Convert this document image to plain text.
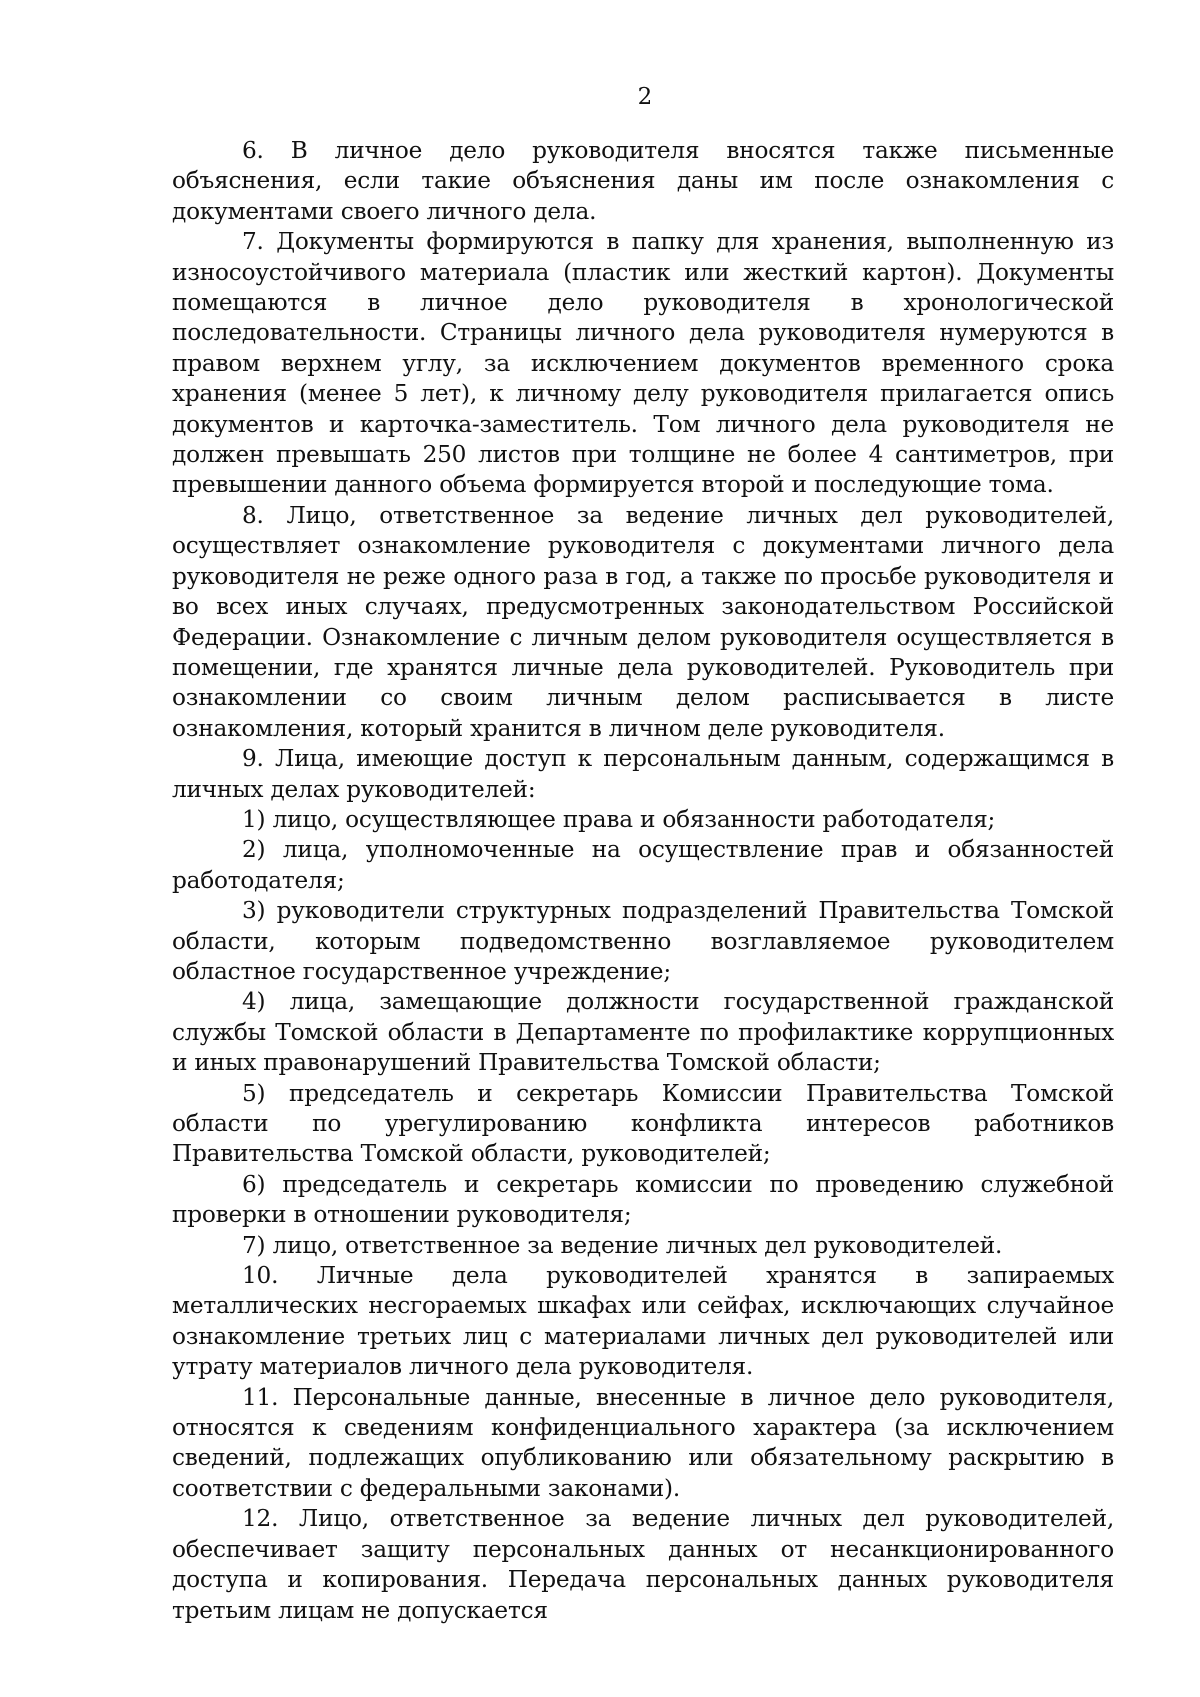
2

6. В личное дело руководителя вносятся также письменные объяснения, если такие объяснения даны им после ознакомления с документами своего личного дела.

7. Документы формируются в папку для хранения, выполненную из износоустойчивого материала (пластик или жесткий картон). Документы помещаются в личное дело руководителя в хронологической последовательности. Страницы личного дела руководителя нумеруются в правом верхнем углу, за исключением документов временного срока хранения (менее 5 лет), к личному делу руководителя прилагается опись документов и карточка-заместитель. Том личного дела руководителя не должен превышать 250 листов при толщине не более 4 сантиметров, при превышении данного объема формируется второй и последующие тома.

8. Лицо, ответственное за ведение личных дел руководителей, осуществляет ознакомление руководителя с документами личного дела руководителя не реже одного раза в год, а также по просьбе руководителя и во всех иных случаях, предусмотренных законодательством Российской Федерации. Ознакомление с личным делом руководителя осуществляется в помещении, где хранятся личные дела руководителей. Руководитель при ознакомлении со своим личным делом расписывается в листе ознакомления, который хранится в личном деле руководителя.

9. Лица, имеющие доступ к персональным данным, содержащимся в личных делах руководителей:

1) лицо, осуществляющее права и обязанности работодателя;

2) лица, уполномоченные на осуществление прав и обязанностей работодателя;

3) руководители структурных подразделений Правительства Томской области, которым подведомственно возглавляемое руководителем областное государственное учреждение;

4) лица, замещающие должности государственной гражданской службы Томской области в Департаменте по профилактике коррупционных и иных правонарушений Правительства Томской области;

5) председатель и секретарь Комиссии Правительства Томской области по урегулированию конфликта интересов работников Правительства Томской области, руководителей;

6) председатель и секретарь комиссии по проведению служебной проверки в отношении руководителя;

7) лицо, ответственное за ведение личных дел руководителей.

10. Личные дела руководителей хранятся в запираемых металлических несгораемых шкафах или сейфах, исключающих случайное ознакомление третьих лиц с материалами личных дел руководителей или утрату материалов личного дела руководителя.

11. Персональные данные, внесенные в личное дело руководителя, относятся к сведениям конфиденциального характера (за исключением сведений, подлежащих опубликованию или обязательному раскрытию в соответствии с федеральными законами).

12. Лицо, ответственное за ведение личных дел руководителей, обеспечивает защиту персональных данных от несанкционированного доступа и копирования. Передача персональных данных руководителя третьим лицам не допускается
